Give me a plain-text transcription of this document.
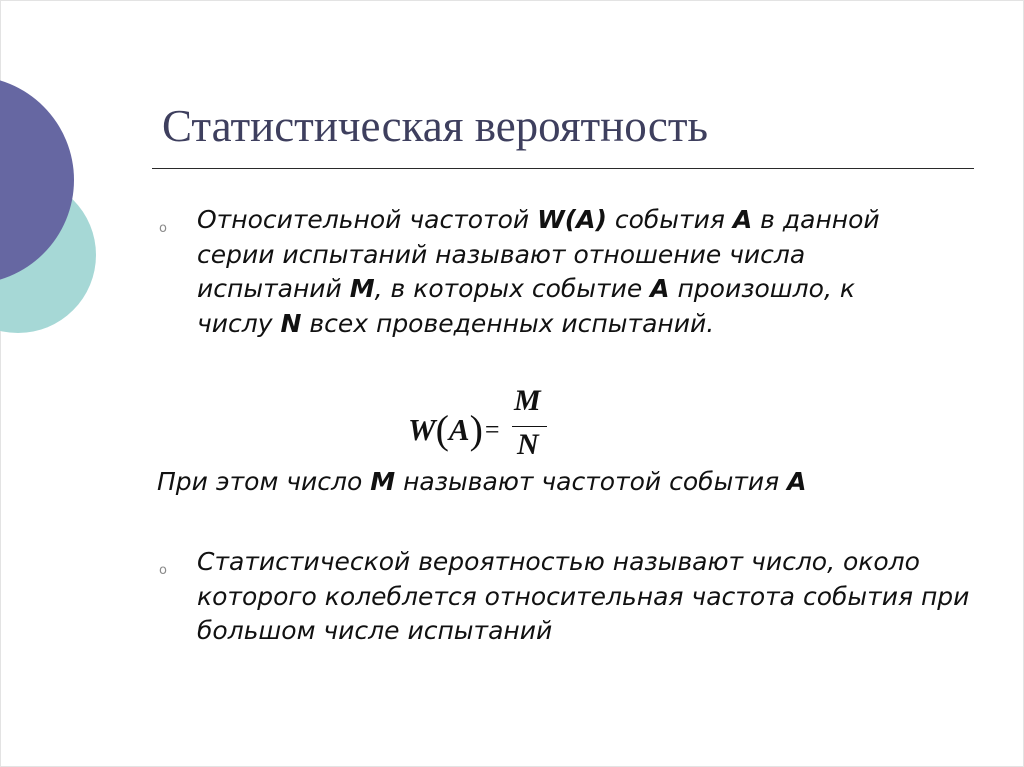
Статистическая вероятность
o Относительной частотой W(A) события A в данной серии испытаний называют отношение числа испытаний M, в которых событие A произошло, к числу N всех проведенных испытаний.

W(A)=
M
N

При этом число M называют частотой события A

o Статистической вероятностью называют число, около которого колеблется относительная частота события при большом числе испытаний
